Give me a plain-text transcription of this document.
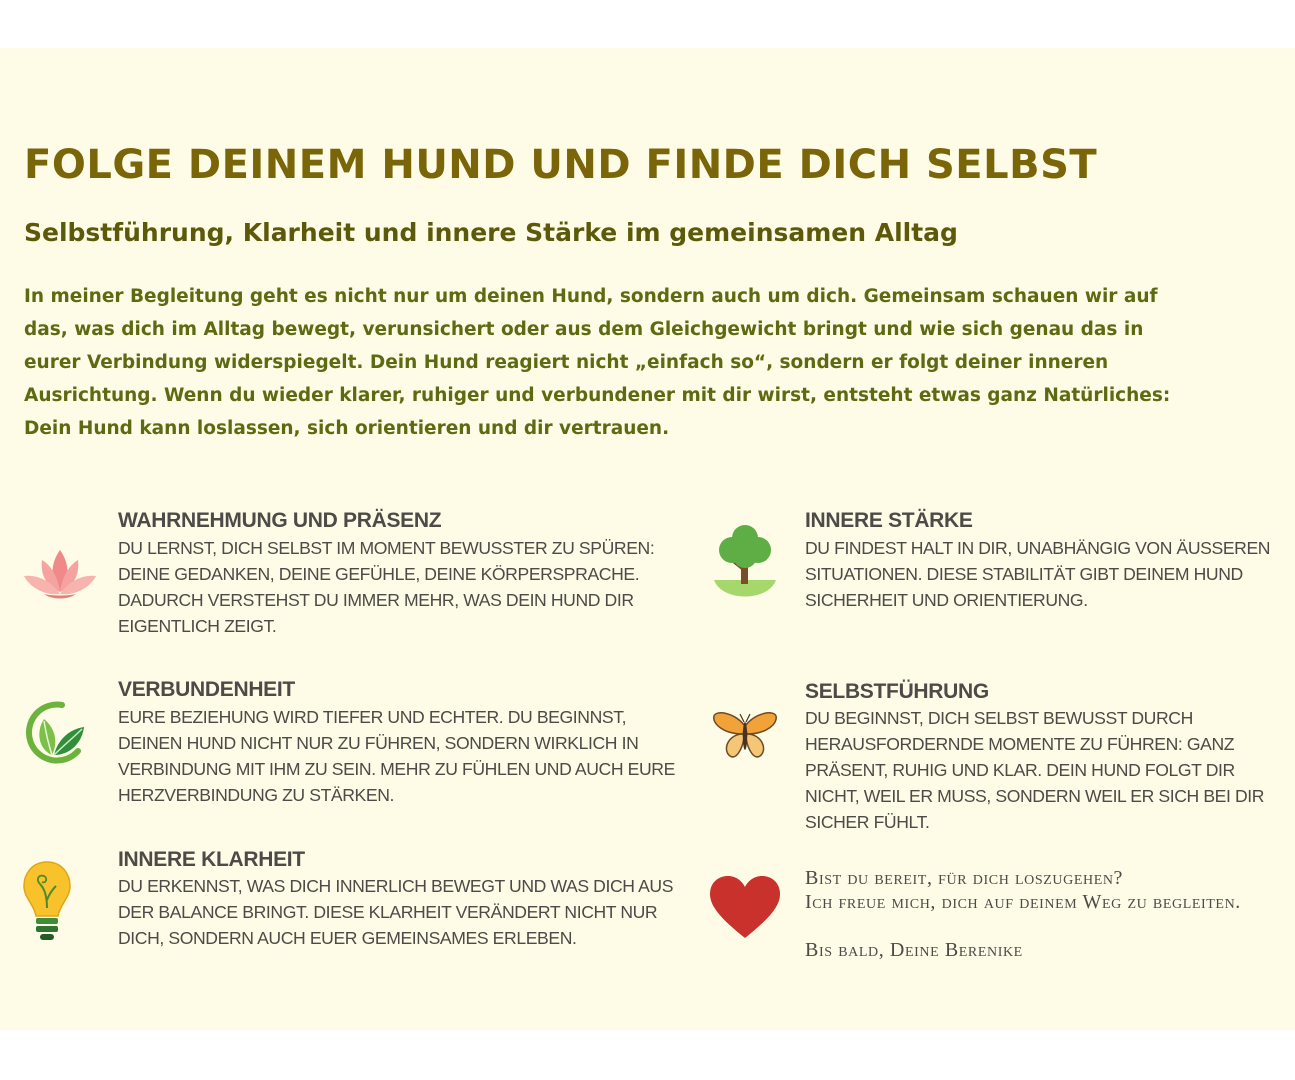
FOLGE DEINEM HUND UND FINDE DICH SELBST
Selbstführung, Klarheit und innere Stärke im gemeinsamen Alltag

In meiner Begleitung geht es nicht nur um deinen Hund, sondern auch um dich. Gemeinsam schauen wir auf das, was dich im Alltag bewegt, verunsichert oder aus dem Gleichgewicht bringt und wie sich genau das in eurer Verbindung widerspiegelt. Dein Hund reagiert nicht „einfach so“, sondern er folgt deiner inneren Ausrichtung. Wenn du wieder klarer, ruhiger und verbundener mit dir wirst, entsteht etwas ganz Natürliches: Dein Hund kann loslassen, sich orientieren und dir vertrauen.

WAHRNEHMUNG UND PRÄSENZ

DU LERNST, DICH SELBST IM MOMENT BEWUSSTER ZU SPÜREN: DEINE GEDANKEN, DEINE GEFÜHLE, DEINE KÖRPERSPRACHE. DADURCH VERSTEHST DU IMMER MEHR, WAS DEIN HUND DIR EIGENTLICH ZEIGT.

INNERE STÄRKE

DU FINDEST HALT IN DIR, UNABHÄNGIG VON ÄUSSEREN SITUATIONEN. DIESE STABILITÄT GIBT DEINEM HUND SICHERHEIT UND ORIENTIERUNG.

VERBUNDENHEIT

EURE BEZIEHUNG WIRD TIEFER UND ECHTER. DU BEGINNST, DEINEN HUND NICHT NUR ZU FÜHREN, SONDERN WIRKLICH IN VERBINDUNG MIT IHM ZU SEIN. MEHR ZU FÜHLEN UND AUCH EURE HERZVERBINDUNG ZU STÄRKEN.

SELBSTFÜHRUNG

DU BEGINNST, DICH SELBST BEWUSST DURCH HERAUSFORDERNDE MOMENTE ZU FÜHREN: GANZ PRÄSENT, RUHIG UND KLAR. DEIN HUND FOLGT DIR NICHT, WEIL ER MUSS, SONDERN WEIL ER SICH BEI DIR SICHER FÜHLT.

INNERE KLARHEIT

DU ERKENNST, WAS DICH INNERLICH BEWEGT UND WAS DICH AUS DER BALANCE BRINGT. DIESE KLARHEIT VERÄNDERT NICHT NUR DICH, SONDERN AUCH EUER GEMEINSAMES ERLEBEN.

Bist du bereit, für dich loszugehen?

Ich freue mich, dich auf deinem Weg zu begleiten.

Bis bald, Deine Berenike
